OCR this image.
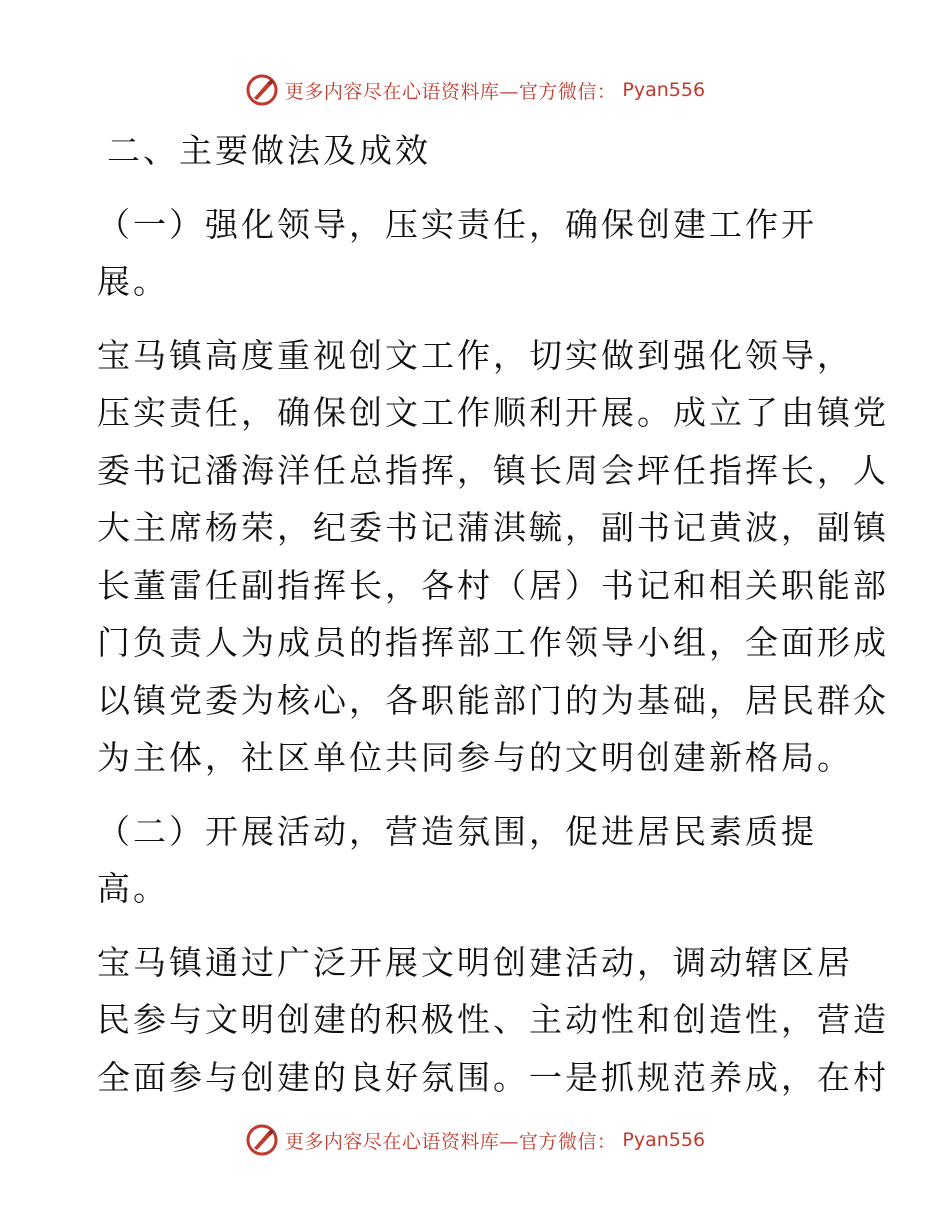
更多内容尽在心语资料库—官方微信： Pyan556
二、主要做法及成效
（一）强化领导，压实责任，确保创建工作开
展。
宝马镇高度重视创文工作，切实做到强化领导，
压实责任，确保创文工作顺利开展。成立了由镇党
委书记潘海洋任总指挥，镇长周会坪任指挥长，人
大主席杨荣，纪委书记蒲淇毓，副书记黄波，副镇
长董雷任副指挥长，各村（居）书记和相关职能部
门负责人为成员的指挥部工作领导小组，全面形成
以镇党委为核心，各职能部门的为基础，居民群众
为主体，社区单位共同参与的文明创建新格局。
（二）开展活动，营造氛围，促进居民素质提
高。
宝马镇通过广泛开展文明创建活动，调动辖区居
民参与文明创建的积极性、主动性和创造性，营造
全面参与创建的良好氛围。一是抓规范养成，在村
更多内容尽在心语资料库—官方微信： Pyan556
